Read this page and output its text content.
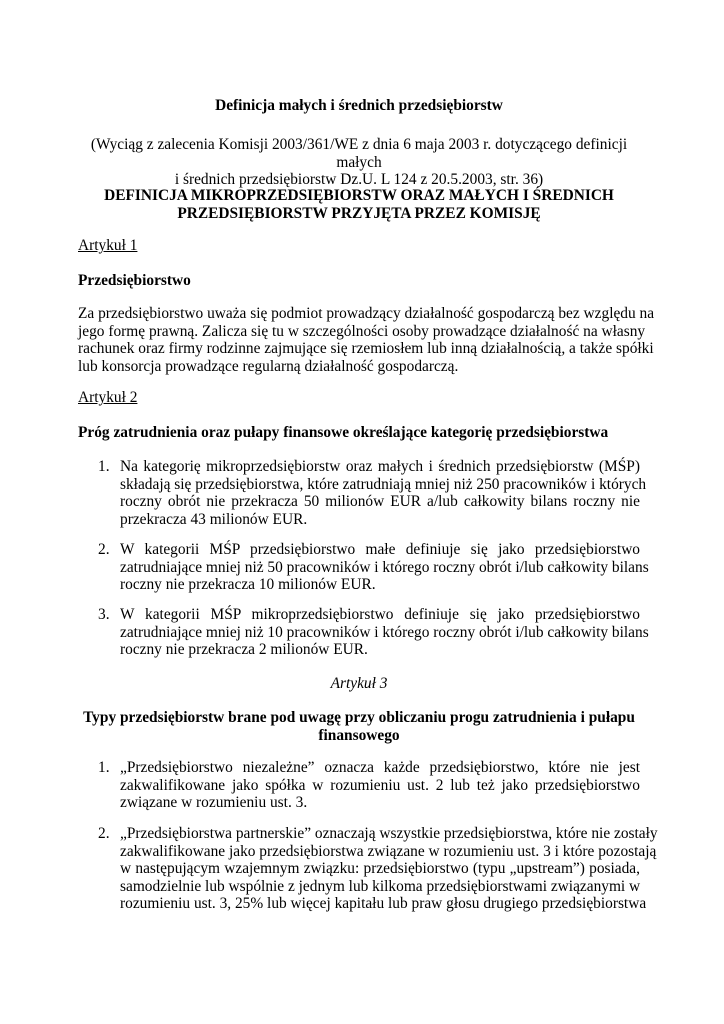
Definicja małych i średnich przedsiębiorstw
(Wyciąg z zalecenia Komisji 2003/361/WE z dnia 6 maja 2003 r. dotyczącego definicji małych
i średnich przedsiębiorstw Dz.U. L 124 z 20.5.2003, str. 36)
DEFINICJA MIKROPRZEDSIĘBIORSTW ORAZ MAŁYCH I ŚREDNICH
PRZEDSIĘBIORSTW PRZYJĘTA PRZEZ KOMISJĘ
Artykuł 1
Przedsiębiorstwo
Za przedsiębiorstwo uważa się podmiot prowadzący działalność gospodarczą bez względu na
jego formę prawną. Zalicza się tu w szczególności osoby prowadzące działalność na własny
rachunek oraz firmy rodzinne zajmujące się rzemiosłem lub inną działalnością, a także spółki
lub konsorcja prowadzące regularną działalność gospodarczą.
Artykuł 2
Próg zatrudnienia oraz pułapy finansowe określające kategorię przedsiębiorstwa
1. Na kategorię mikroprzedsiębiorstw oraz małych i średnich przedsiębiorstw (MŚP)
składają się przedsiębiorstwa, które zatrudniają mniej niż 250 pracowników i których
roczny obrót nie przekracza 50 milionów EUR a/lub całkowity bilans roczny nie
przekracza 43 milionów EUR.
2. W kategorii MŚP przedsiębiorstwo małe definiuje się jako przedsiębiorstwo
zatrudniające mniej niż 50 pracowników i którego roczny obrót i/lub całkowity bilans
roczny nie przekracza 10 milionów EUR.
3. W kategorii MŚP mikroprzedsiębiorstwo definiuje się jako przedsiębiorstwo
zatrudniające mniej niż 10 pracowników i którego roczny obrót i/lub całkowity bilans
roczny nie przekracza 2 milionów EUR.
Artykuł 3
Typy przedsiębiorstw brane pod uwagę przy obliczaniu progu zatrudnienia i pułapu
finansowego
1. „Przedsiębiorstwo niezależne” oznacza każde przedsiębiorstwo, które nie jest
zakwalifikowane jako spółka w rozumieniu ust. 2 lub też jako przedsiębiorstwo
związane w rozumieniu ust. 3.
2. „Przedsiębiorstwa partnerskie” oznaczają wszystkie przedsiębiorstwa, które nie zostały
zakwalifikowane jako przedsiębiorstwa związane w rozumieniu ust. 3 i które pozostają
w następującym wzajemnym związku: przedsiębiorstwo (typu „upstream”) posiada,
samodzielnie lub wspólnie z jednym lub kilkoma przedsiębiorstwami związanymi w
rozumieniu ust. 3, 25% lub więcej kapitału lub praw głosu drugiego przedsiębiorstwa
